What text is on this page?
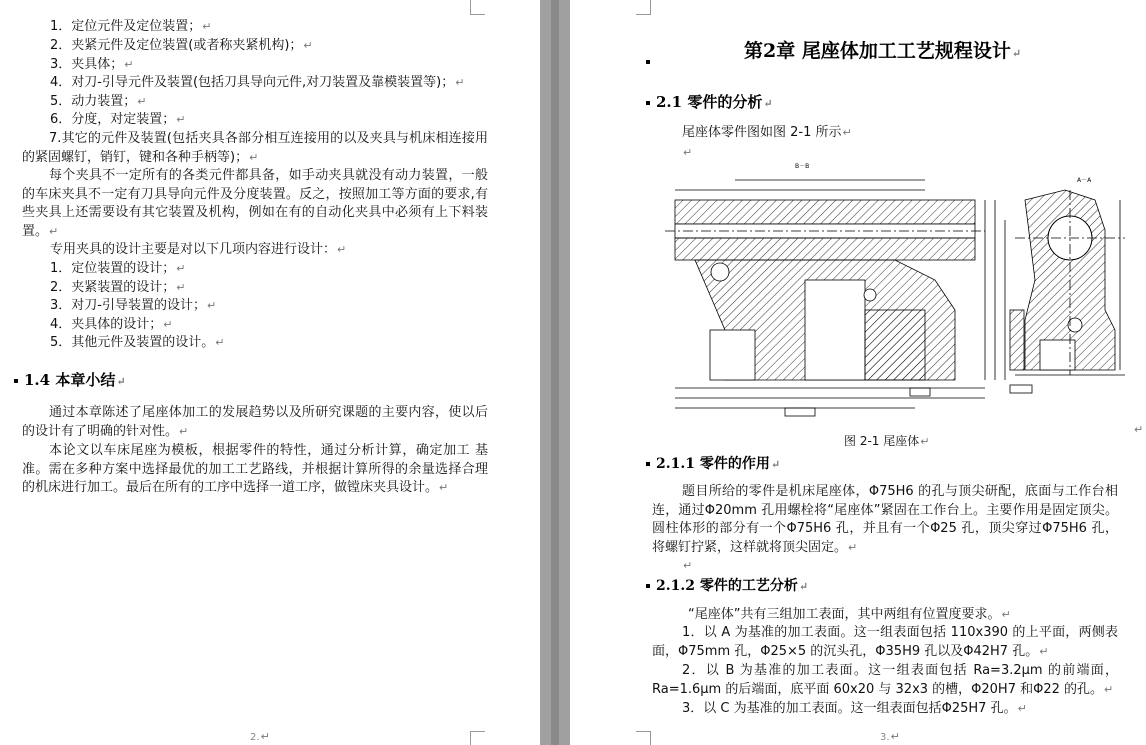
1．定位元件及定位装置；↵
2．夹紧元件及定位装置(或者称夹紧机构)；↵
3．夹具体；↵
4．对刀-引导元件及装置(包括刀具导向元件,对刀装置及靠模装置等)；↵
5．动力装置；↵
6．分度，对定装置；↵
7.其它的元件及装置(包括夹具各部分相互连接用的以及夹具与机床相连接用的紧固螺钉，销钉，键和各种手柄等)；↵
每个夹具不一定所有的各类元件都具备，如手动夹具就没有动力装置，一般的车床夹具不一定有刀具导向元件及分度装置。反之，按照加工等方面的要求,有些夹具上还需要设有其它装置及机构，例如在有的自动化夹具中必须有上下料装置。↵
专用夹具的设计主要是对以下几项内容进行设计：↵
1．定位装置的设计；↵
2．夹紧装置的设计；↵
3．对刀-引导装置的设计；↵
4．夹具体的设计；↵
5．其他元件及装置的设计。↵
1.4 本章小结↵
通过本章陈述了尾座体加工的发展趋势以及所研究课题的主要内容，使以后的设计有了明确的针对性。↵
本论文以车床尾座为模板，根据零件的特性，通过分析计算，确定加工 基准。需在多种方案中选择最优的加工工艺路线，并根据计算所得的余量选择合理的机床进行加工。最后在所有的工序中选择一道工序，做镗床夹具设计。↵
2.↵
第2章 尾座体加工工艺规程设计↵
2.1 零件的分析↵
尾座体零件图如图 2-1 所示↵
↵
B－B
A－A
图 2-1 尾座体↵
↵
2.1.1 零件的作用↵
题目所给的零件是机床尾座体，Φ75H6 的孔与顶尖研配，底面与工作台相连，通过Φ20mm 孔用螺栓将“尾座体”紧固在工作台上。主要作用是固定顶尖。圆柱体形的部分有一个Φ75H6 孔，并且有一个Φ25 孔，顶尖穿过Φ75H6 孔，将螺钉拧紧，这样就将顶尖固定。↵
↵
2.1.2 零件的工艺分析↵
“尾座体”共有三组加工表面，其中两组有位置度要求。↵
1．以 A 为基准的加工表面。这一组表面包括 110x390 的上平面，两侧表面，Φ75mm 孔，Φ25×5 的沉头孔，Φ35H9 孔以及Φ42H7 孔。↵
2．以 B 为基准的加工表面。这一组表面包括 Ra=3.2μm 的前端面，Ra=1.6μm 的后端面，底平面 60x20 与 32x3 的槽，Φ20H7 和Φ22 的孔。↵
3．以 C 为基准的加工表面。这一组表面包括Φ25H7 孔。↵
3.↵
